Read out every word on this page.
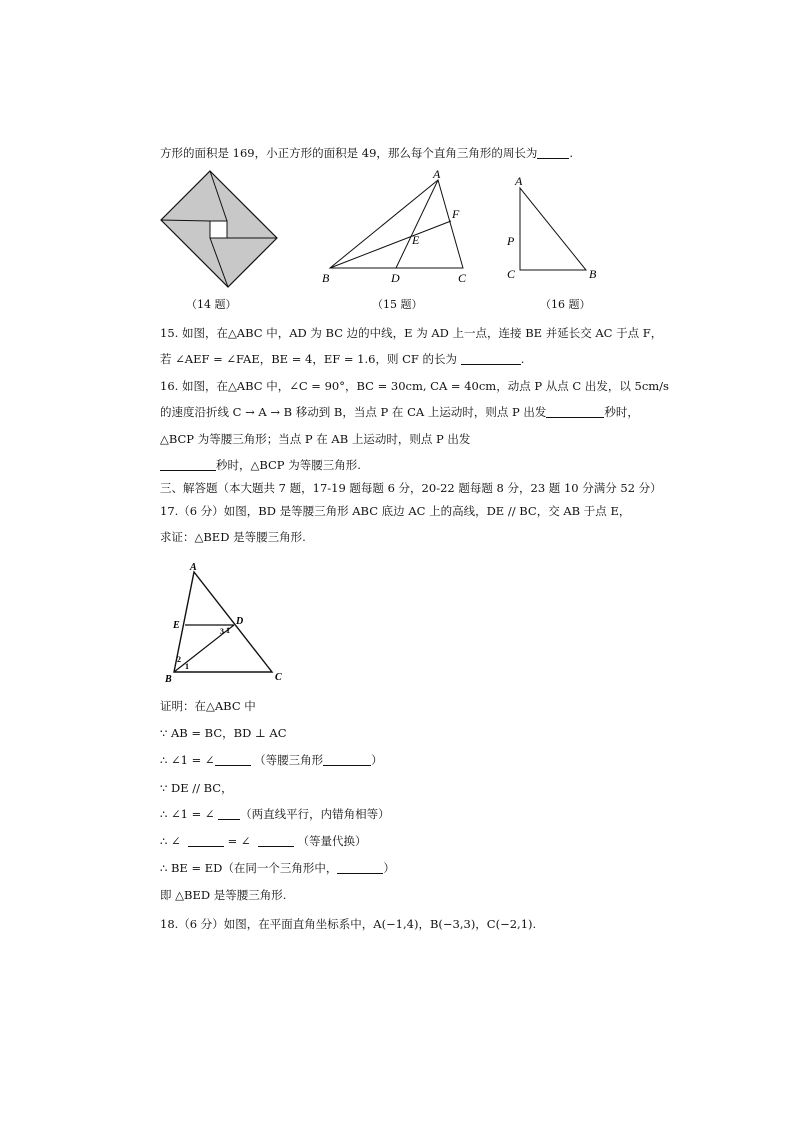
方形的面积是 169，小正方形的面积是 49，那么每个直角三角形的周长为	.
A
B	C
D
E
F
A
P
C	B
（14 题）	（15 题）	（16 题）
15. 如图，在△ABC 中，AD 为 BC 边的中线，E 为 AD 上一点，连接 BE 并延长交 AC 于点 F，
若 ∠AEF = ∠FAE，BE = 4，EF = 1.6，则 CF 的长为	.
16. 如图，在△ABC 中，∠C = 90°，BC = 30cm, CA = 40cm，动点 P 从点 C 出发，以 5cm/s
的速度沿折线 C → A → B 移动到 B，当点 P 在 CA 上运动时，则点 P 出发	秒时，
△BCP 为等腰三角形；当点 P 在 AB 上运动时，则点 P 出发
秒时，△BCP 为等腰三角形.
三、解答题（本大题共 7 题，17-19 题每题 6 分，20-22 题每题 8 分，23 题 10 分满分 52 分）
17.（6 分）如图，BD 是等腰三角形 ABC 底边 AC 上的高线，DE // BC，交 AB 于点 E，
求证：△BED 是等腰三角形.
A
E	D
B	C
1
2
3 1
证明：在△ABC 中
∵ AB = BC，BD ⊥ AC
∴ ∠1 = ∠	（等腰三角形	）
∵ DE // BC，
∴ ∠1 = ∠ （两直线平行，内错角相等）
∴ ∠	= ∠	（等量代换）
∴ BE = ED（在同一个三角形中，	）
即 △BED 是等腰三角形.
18.（6 分）如图，在平面直角坐标系中，A(−1,4)，B(−3,3)，C(−2,1).
